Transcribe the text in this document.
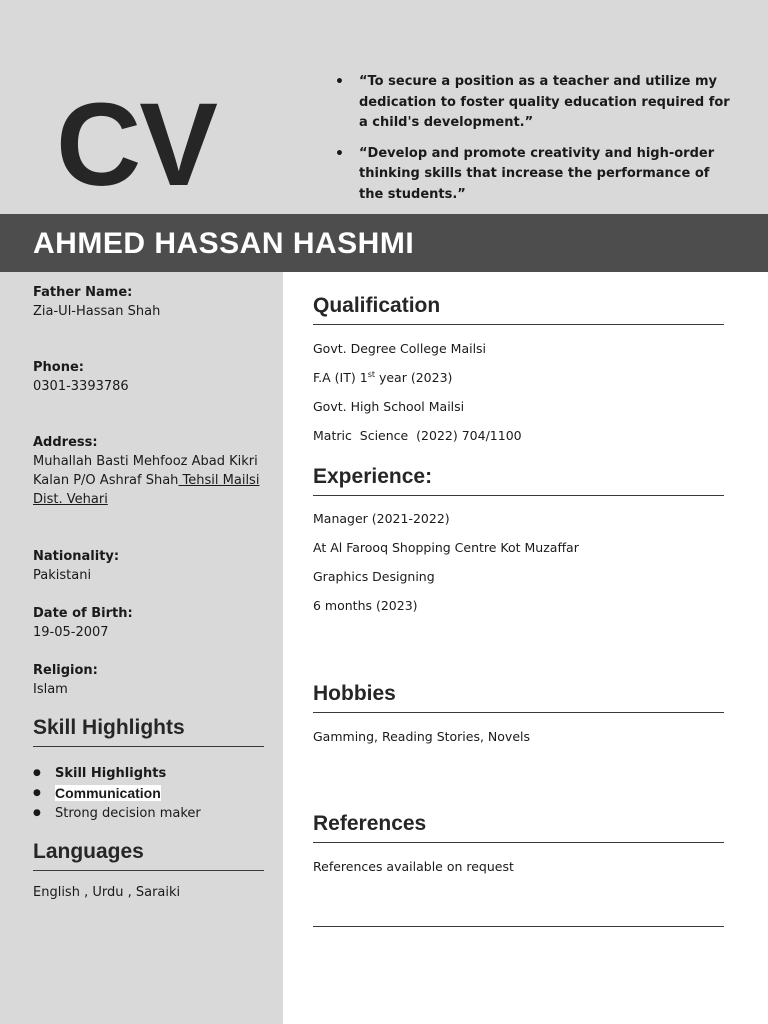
CV
•	“To secure a position as a teacher and utilize my dedication to foster quality education required for a child's development.”
• “Develop and promote creativity and high-order thinking skills that increase the performance of the students.”
AHMED HASSAN HASHMI
Father Name:
Zia-Ul-Hassan Shah
Phone:
0301-3393786
Address:
Muhallah Basti Mehfooz Abad Kikri
Kalan P/O Ashraf Shah Tehsil Mailsi
Dist. Vehari
Nationality:
Pakistani
Date of Birth:
19-05-2007
Religion:
Islam
Skill Highlights
● Skill Highlights
● Communication
● Strong decision maker
Languages
English , Urdu , Saraiki
Qualification
Govt. Degree College Mailsi
F.A (IT) 1st year (2023)
Govt. High School Mailsi
Matric  Science  (2022) 704/1100
Experience:
Manager (2021-2022)
At Al Farooq Shopping Centre Kot Muzaffar
Graphics Designing
6 months (2023)
Hobbies
Gamming, Reading Stories, Novels
References
References available on request
